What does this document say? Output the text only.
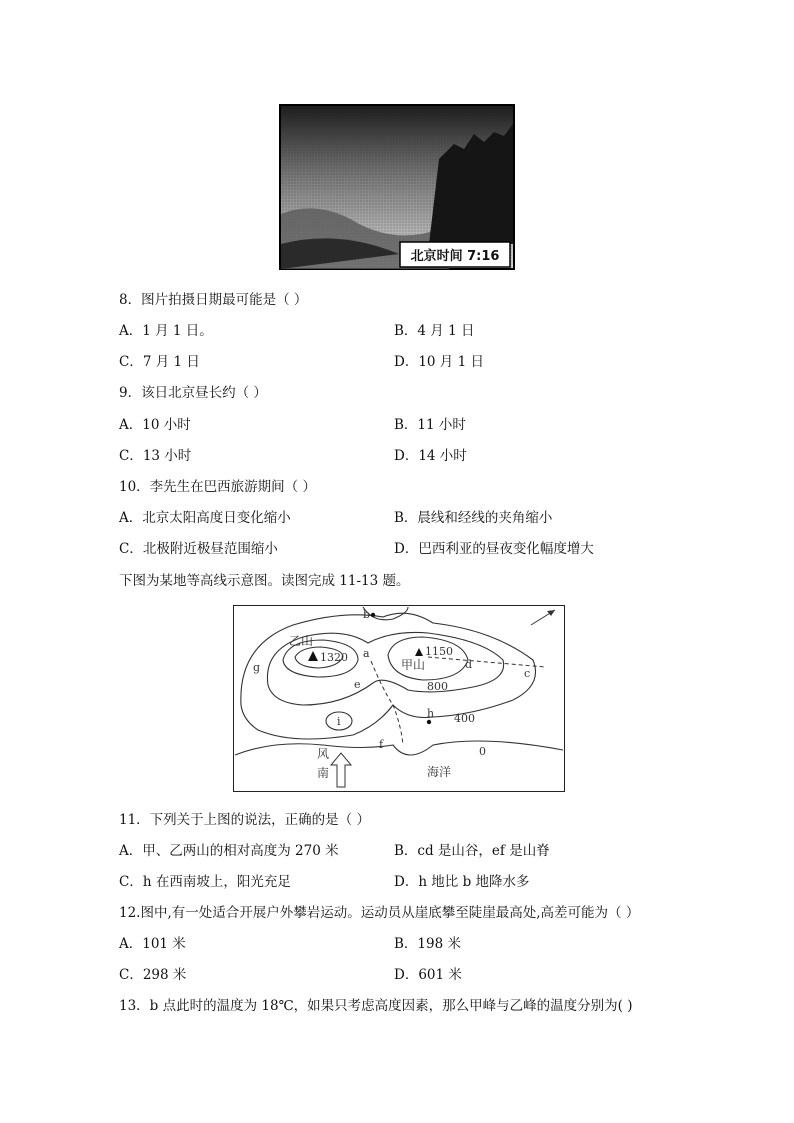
北京时间 7:16
8．图片拍摄日期最可能是（ ）
A．1 月 1 日。	B．4 月 1 日
C．7 月 1 日	D．10 月 1 日
9．该日北京昼长约（ ）
A．10 小时	B．11 小时
C．13 小时	D．14 小时
10．李先生在巴西旅游期间（ ）
A．北京太阳高度日变化缩小	B．晨线和经线的夹角缩小
C．北极附近极昼范围缩小	D．巴西利亚的昼夜变化幅度增大
下图为某地等高线示意图。读图完成 11-13 题。
乙山
1320	1150
甲山
800
400
0
风
南	海洋
a
b
c
d
e
f
g
h
i
11．下列关于上图的说法，正确的是（ ）
A．甲、乙两山的相对高度为 270 米	B．cd 是山谷，ef 是山脊
C．h 在西南坡上，阳光充足	D．h 地比 b 地降水多
12.图中,有一处适合开展户外攀岩运动。运动员从崖底攀至陡崖最高处,高差可能为（ ）
A．101 米	B．198 米
C．298 米	D．601 米
13．b 点此时的温度为 18℃，如果只考虑高度因素，那么甲峰与乙峰的温度分别为( )
